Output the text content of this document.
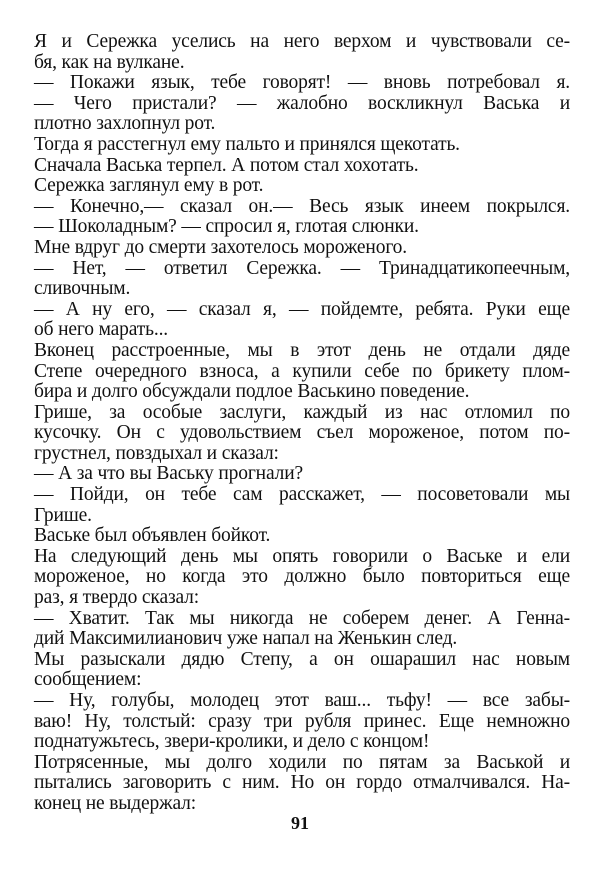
Я и Сережка уселись на него верхом и чувствовали се-
бя, как на вулкане.
— Покажи язык, тебе говорят! — вновь потребовал я.
— Чего пристали? — жалобно воскликнул Васька и
плотно захлопнул рот.
Тогда я расстегнул ему пальто и принялся щекотать.
Сначала Васька терпел. А потом стал хохотать.
Сережка заглянул ему в рот.
— Конечно,— сказал он.— Весь язык инеем покрылся.
— Шоколадным? — спросил я, глотая слюнки.
Мне вдруг до смерти захотелось мороженого.
— Нет, — ответил Сережка. — Тринадцатикопеечным,
сливочным.
— А ну его, — сказал я, — пойдемте, ребята. Руки еще
об него марать...
Вконец расстроенные, мы в этот день не отдали дяде
Степе очередного взноса, а купили себе по брикету плом-
бира и долго обсуждали подлое Васькино поведение.
Грише, за особые заслуги, каждый из нас отломил по
кусочку. Он с удовольствием съел мороженое, потом по-
грустнел, повздыхал и сказал:
— А за что вы Ваську прогнали?
— Пойди, он тебе сам расскажет, — посоветовали мы
Грише.
Ваське был объявлен бойкот.
На следующий день мы опять говорили о Ваське и ели
мороженое, но когда это должно было повториться еще
раз, я твердо сказал:
— Хватит. Так мы никогда не соберем денег. А Генна-
дий Максимилианович уже напал на Женькин след.
Мы разыскали дядю Степу, а он ошарашил нас новым
сообщением:
— Ну, голубы, молодец этот ваш... тьфу! — все забы-
ваю! Ну, толстый: сразу три рубля принес. Еще немножно
поднатужьтесь, звери-кролики, и дело с концом!
Потрясенные, мы долго ходили по пятам за Васькой и
пытались заговорить с ним. Но он гордо отмалчивался. На-
конец не выдержал:
91
